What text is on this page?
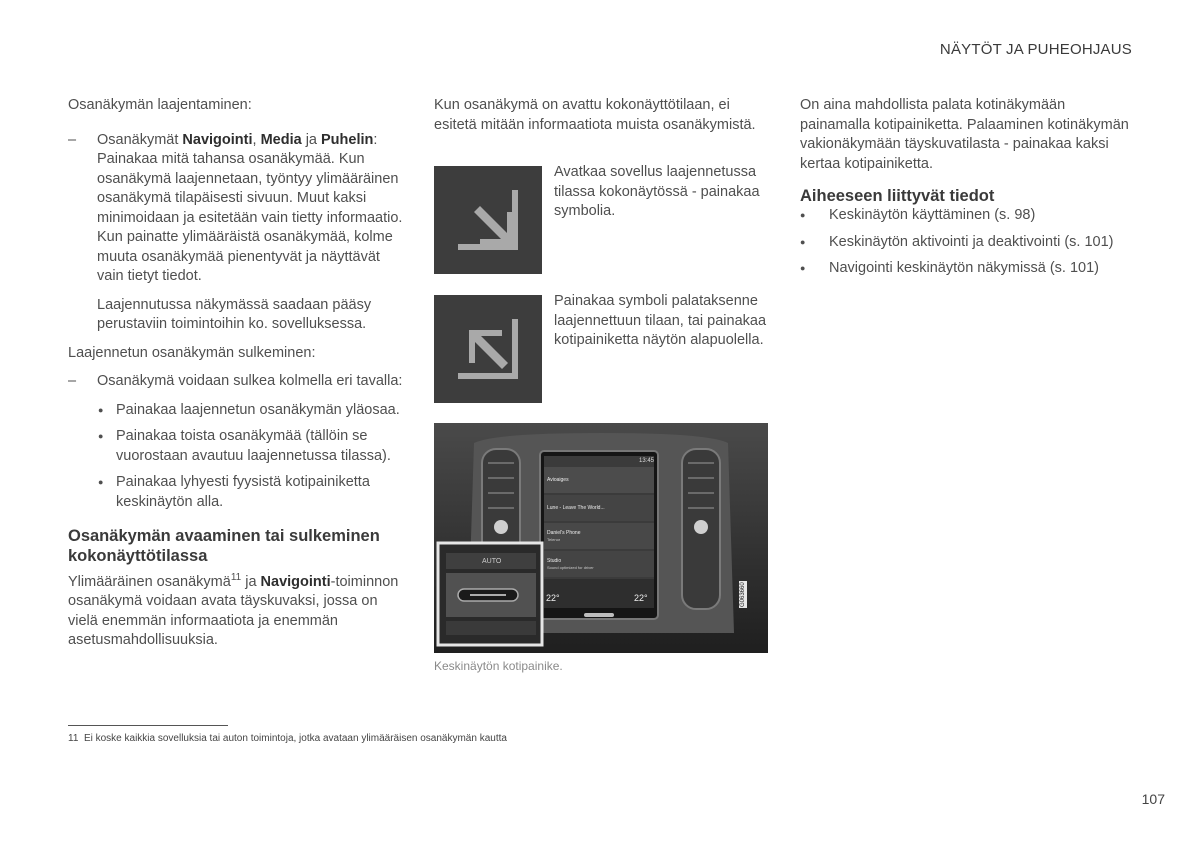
NÄYTÖT JA PUHEOHJAUS

Osanäkymän laajentaminen:

– Osanäkymät Navigointi, Media ja Puhelin: Painakaa mitä tahansa osanäkymää. Kun osanäkymä laajennetaan, työntyy ylimääräinen osanäkymä tilapäisesti sivuun. Muut kaksi minimoidaan ja esitetään vain tietty informaatio. Kun painatte ylimääräistä osanäkymää, kolme muuta osanäkymää pienentyvät ja näyttävät vain tietyt tiedot.

Laajennutussa näkymässä saadaan pääsy perustaviin toimintoihin ko. sovelluksessa.

Laajennetun osanäkymän sulkeminen:

– Osanäkymä voidaan sulkea kolmella eri tavalla:
● Painakaa laajennetun osanäkymän yläosaa.
● Painakaa toista osanäkymää (tällöin se vuorostaan avautuu laajennetussa tilassa).
● Painakaa lyhyesti fyysistä kotipainiketta keskinäytön alla.
Osanäkymän avaaminen tai sulkeminen kokonäyttötilassa

Ylimääräinen osanäkymä$^{11}$ ja Navigointi-toiminnon osanäkymä voidaan avata täyskuvaksi, jossa on vielä enemmän informaatiota ja enemmän asetusmahdollisuuksia.

Kun osanäkymä on avattu kokonäyttötilaan, ei esitetä mitään informaatiota muista osanäkymistä.

Avatkaa sovellus laajennetussa tilassa kokonäytössä - painakaa symbolia.
Painakaa symboli palataksenne laajennettuun tilaan, tai painakaa kotipainiketta näytön alapuolella.
13:45
Avioaiges
Lune - Leave The World...
Daniel's Phone
Telenor
Studio
Sound optimized for driver
22°	22°
AUTO
G063660
Keskinäytön kotipainike.

On aina mahdollista palata kotinäkymään painamalla kotipainiketta. Palaaminen kotinäkymän vakionäkymään täyskuvatilasta - painakaa kaksi kertaa kotipainiketta.

Aiheeseen liittyvät tiedot
● Keskinäytön käyttäminen (s. 98)
● Keskinäytön aktivointi ja deaktivointi (s. 101)
● Navigointi keskinäytön näkymissä (s. 101)
11 Ei koske kaikkia sovelluksia tai auton toimintoja, jotka avataan ylimääräisen osanäkymän kautta
107
